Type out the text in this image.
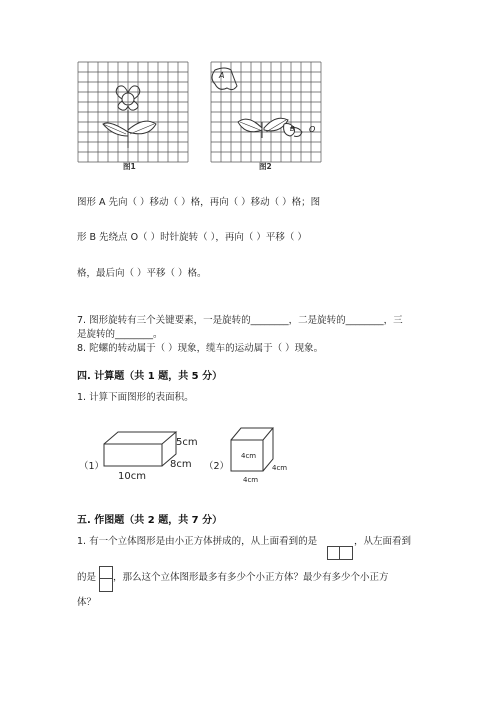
A
B O
图1	图2
图形 A 先向（ ）移动（ ）格，再向（ ）移动（ ）格；图
形 B 先绕点 O（ ）时针旋转（ ），再向（ ）平移（ ）
格，最后向（ ）平移（ ）格。
7. 图形旋转有三个关键要素，一是旋转的________，二是旋转的________，三
是旋转的________。
8. 陀螺的转动属于（ ）现象，缆车的运动属于（ ）现象。
四. 计算题（共 1 题，共 5 分）
1. 计算下面图形的表面积。
（1）
5cm
8cm
10cm
（2）
4cm
4cm
4cm
五. 作图题（共 2 题，共 7 分）
1. 有一个立体图形是由小正方体拼成的，从上面看到的是	，从左面看到
的是 ，那么这个立体图形最多有多少个小正方体？最少有多少个小正方
体？
